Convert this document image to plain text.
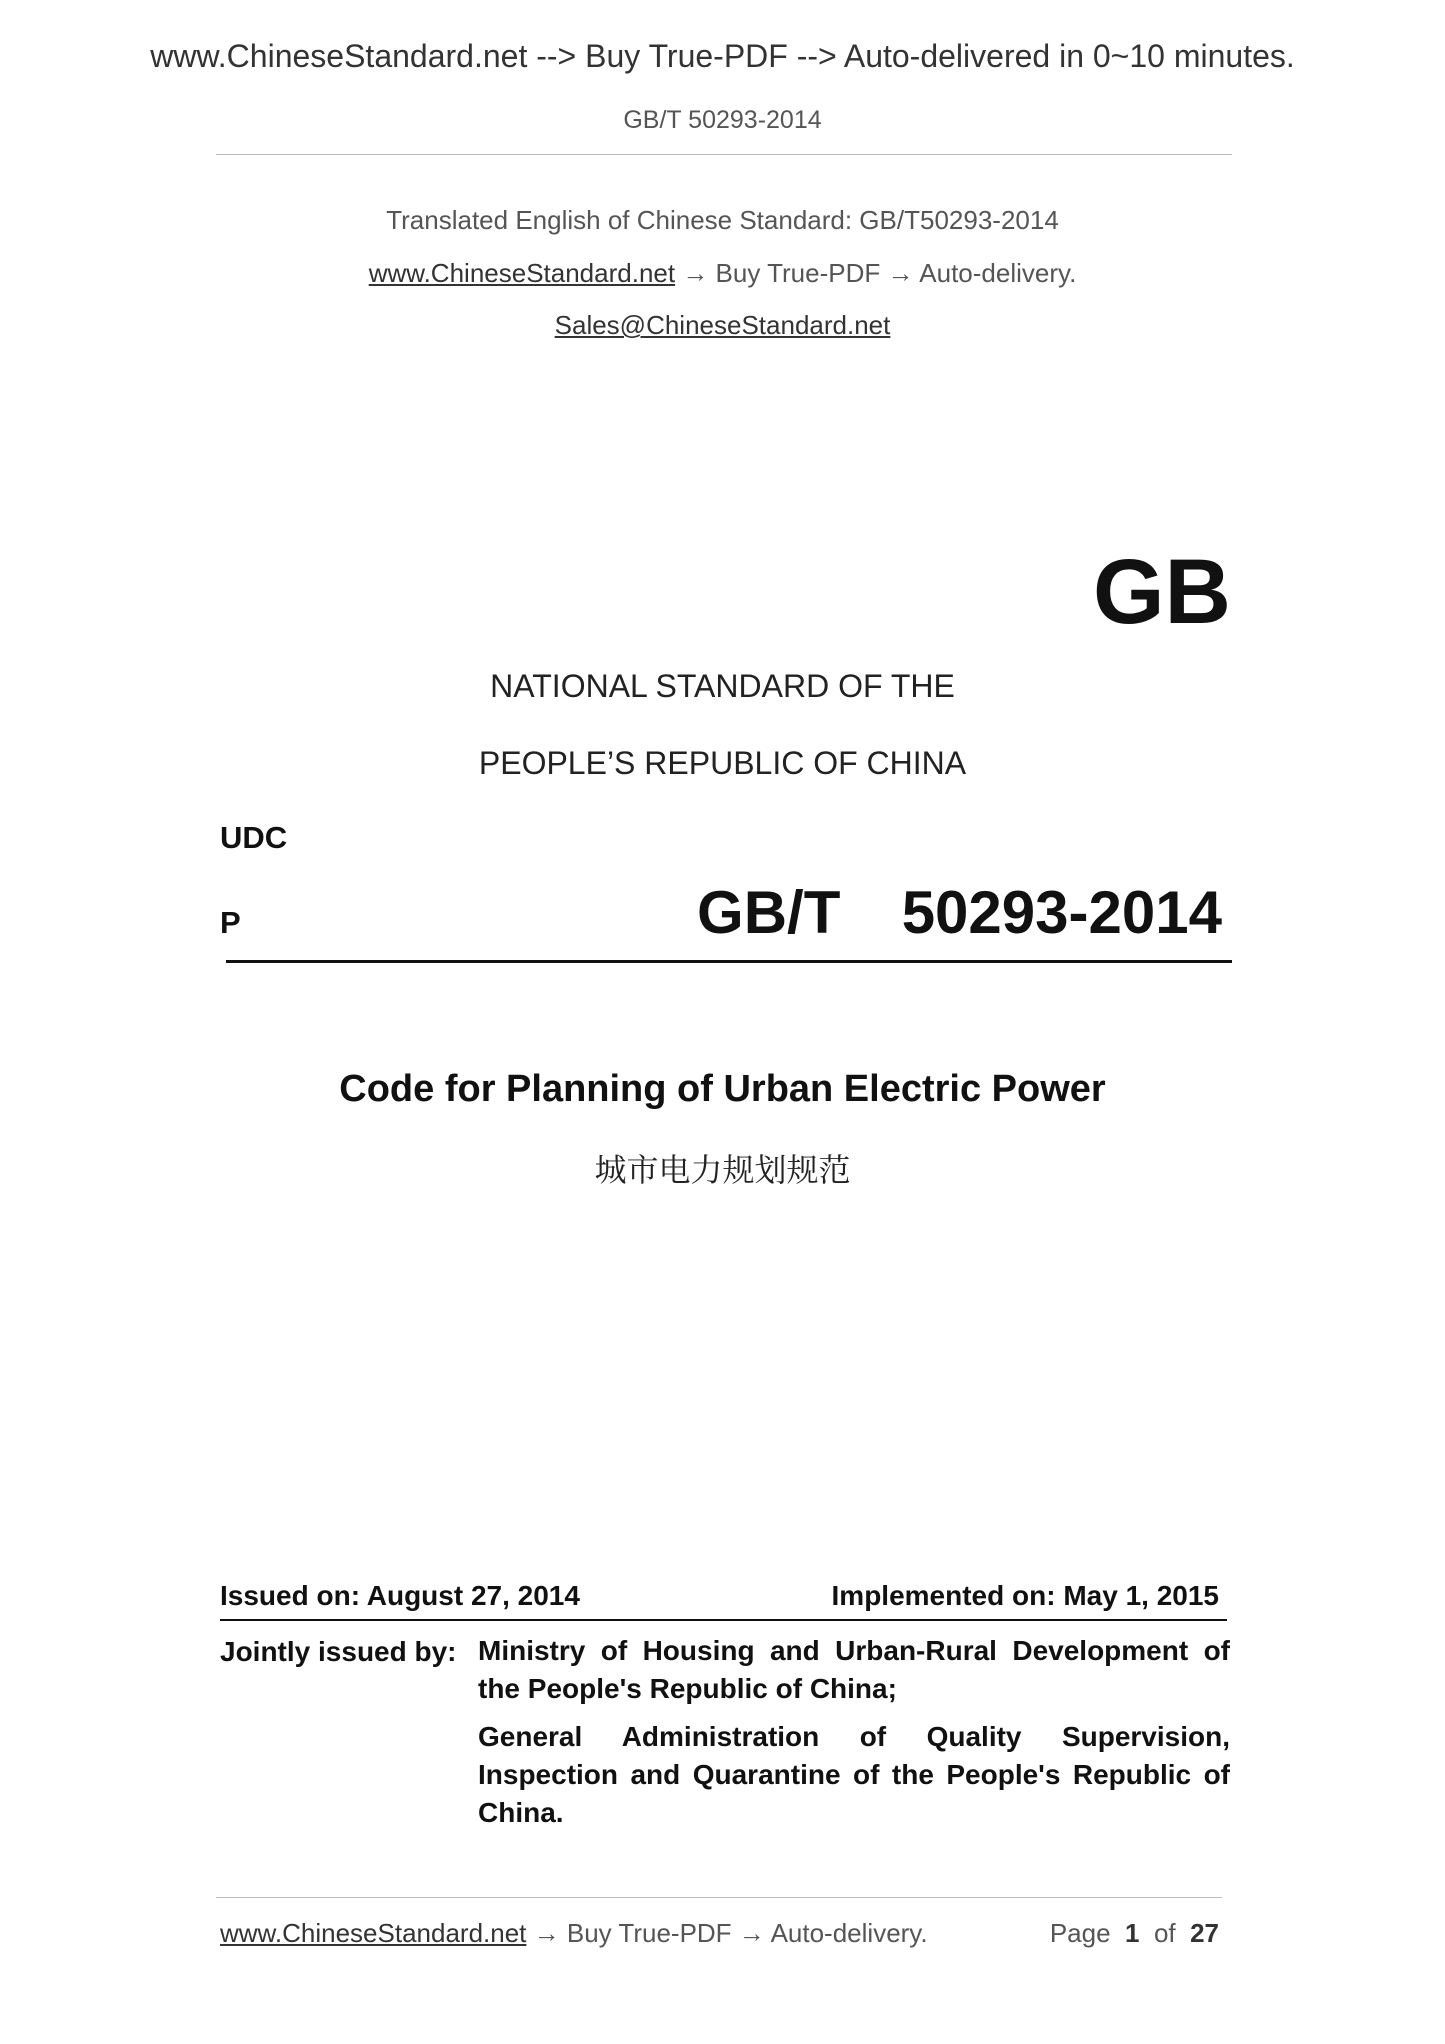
www.ChineseStandard.net --> Buy True-PDF --> Auto-delivered in 0~10 minutes.
GB/T 50293-2014
Translated English of Chinese Standard: GB/T50293-2014
www.ChineseStandard.net → Buy True-PDF → Auto-delivery.
Sales@ChineseStandard.net
GB
NATIONAL STANDARD OF THE
PEOPLE’S REPUBLIC OF CHINA
UDC
P	GB/T  50293-2014
Code for Planning of Urban Electric Power
城市电力规划规范
Issued on: August 27, 2014	Implemented on: May 1, 2015
Jointly issued by: Ministry of Housing and Urban-Rural Development of the People's Republic of China;
General Administration of Quality Supervision, Inspection and Quarantine of the People's Republic of China.
www.ChineseStandard.net → Buy True-PDF → Auto-delivery.	Page 1 of 27
